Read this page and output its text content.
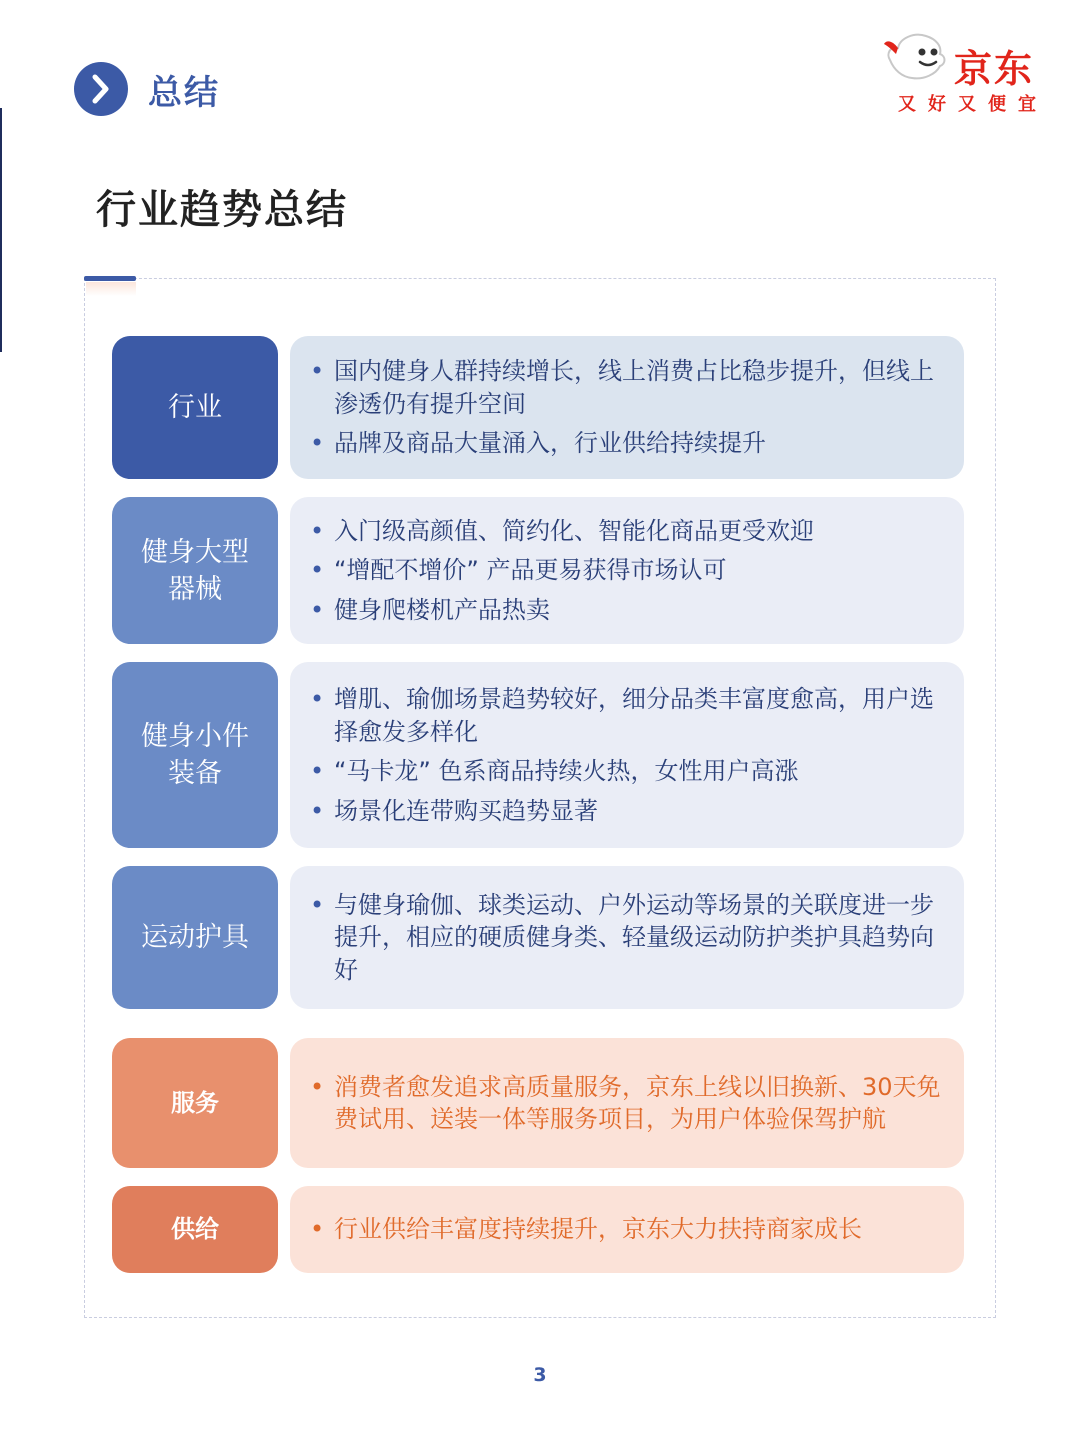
总结
京东
又好又便宜
行业趋势总结
行业
• 国内健身人群持续增长，线上消费占比稳步提升，但线上渗透仍有提升空间
• 品牌及商品大量涌入，行业供给持续提升
健身大型
器械
• 入门级高颜值、简约化、智能化商品更受欢迎
• “增配不增价” 产品更易获得市场认可
• 健身爬楼机产品热卖
健身小件
装备
• 增肌、瑜伽场景趋势较好，细分品类丰富度愈高，用户选择愈发多样化
• “马卡龙” 色系商品持续火热，女性用户高涨
• 场景化连带购买趋势显著
运动护具
• 与健身瑜伽、球类运动、户外运动等场景的关联度进一步提升，相应的硬质健身类、轻量级运动防护类护具趋势向好
服务
• 消费者愈发追求高质量服务，京东上线以旧换新、30天免费试用、送装一体等服务项目，为用户体验保驾护航
供给
•	行业供给丰富度持续提升，京东大力扶持商家成长
3
